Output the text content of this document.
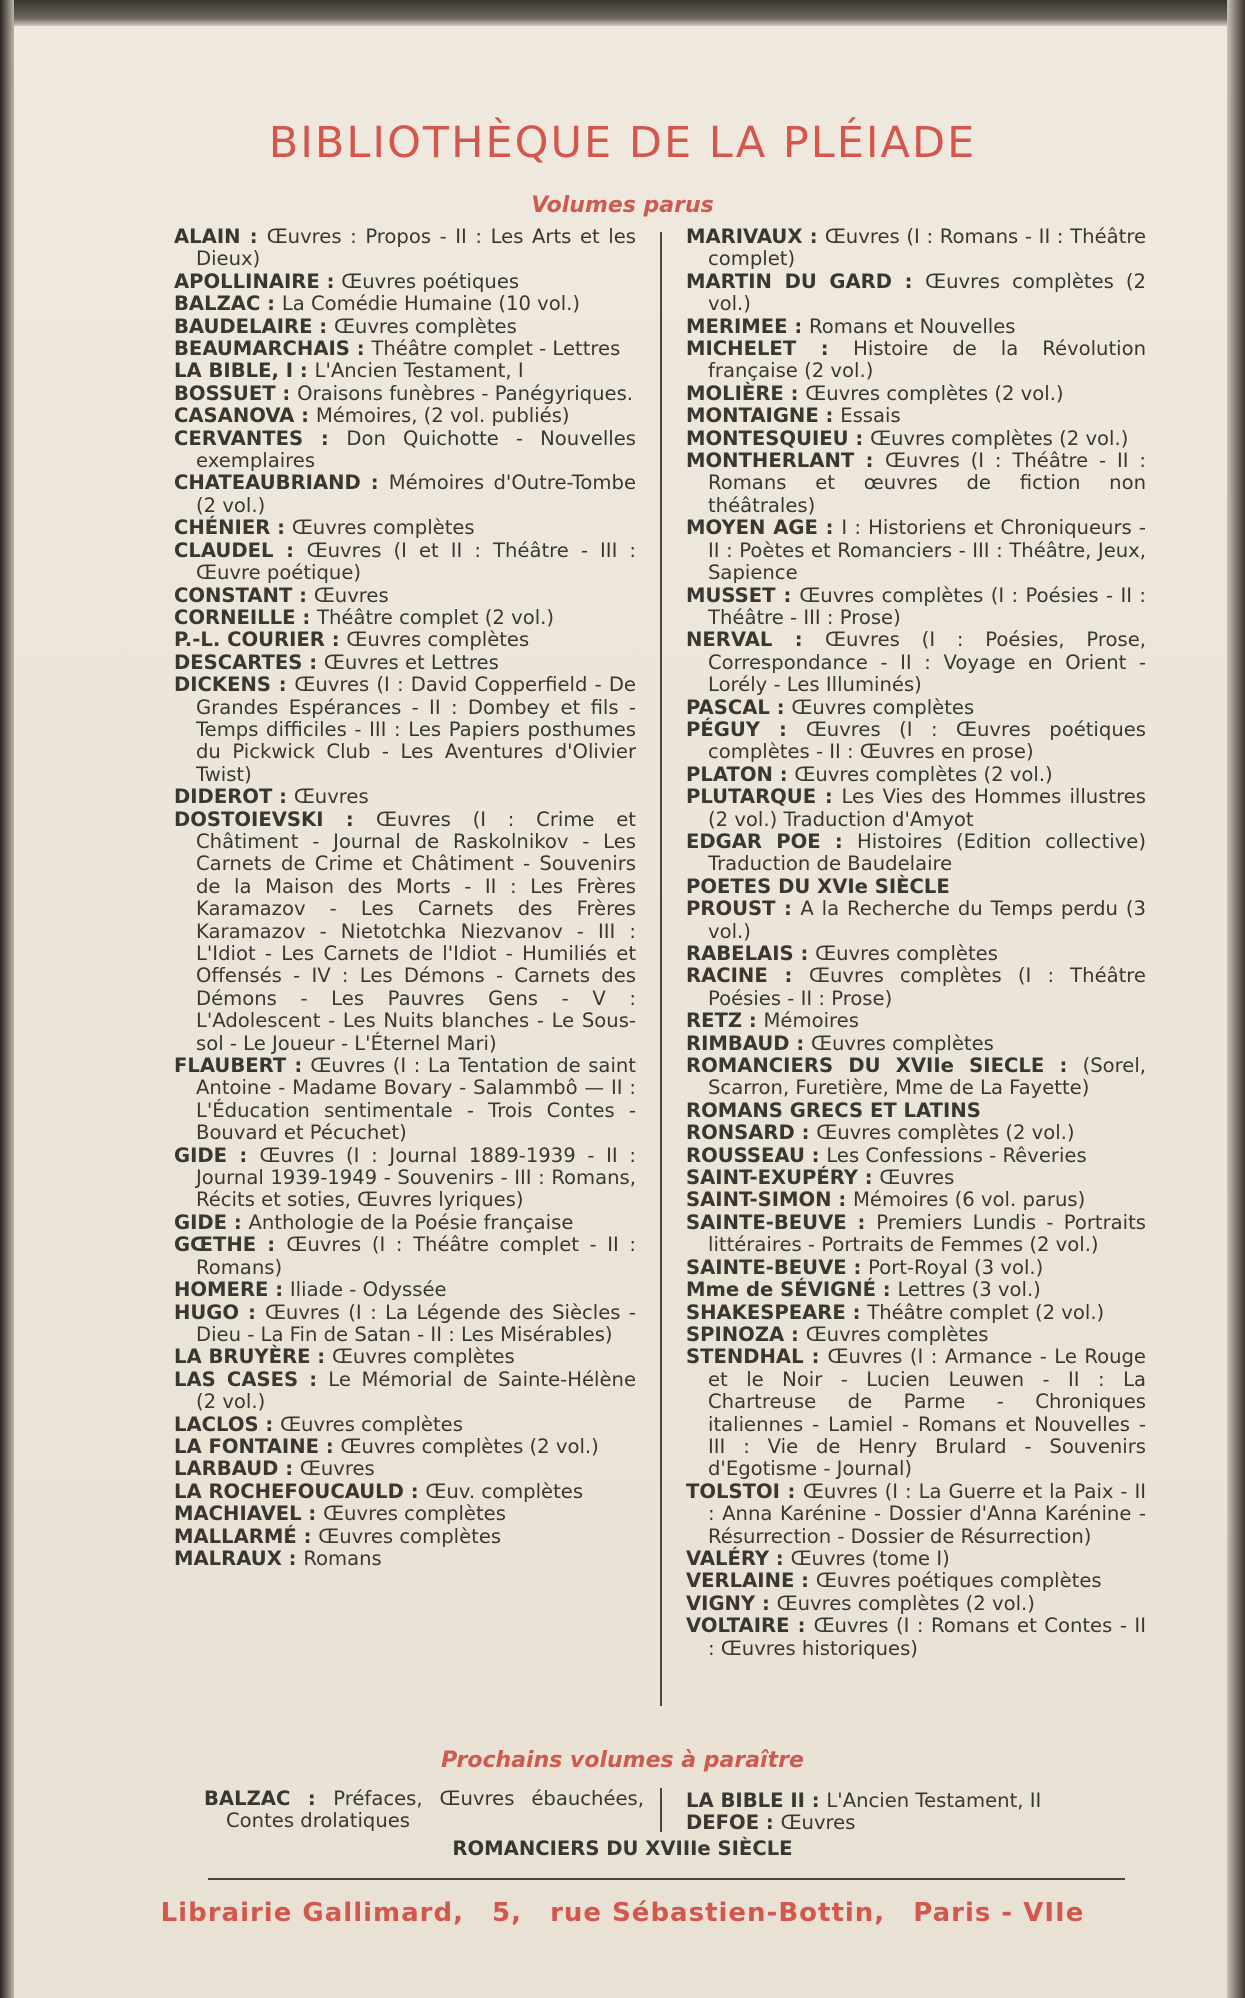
BIBLIOTHÈQUE DE LA PLÉIADE
Volumes parus

ALAIN : Œuvres : Propos - II : Les Arts et les Dieux)

APOLLINAIRE : Œuvres poétiques

BALZAC : La Comédie Humaine (10 vol.)

BAUDELAIRE : Œuvres complètes

BEAUMARCHAIS : Théâtre complet - Lettres

LA BIBLE, I : L'Ancien Testament, I

BOSSUET : Oraisons funèbres - Panégyriques.

CASANOVA : Mémoires, (2 vol. publiés)

CERVANTES : Don Quichotte - Nouvelles exemplaires

CHATEAUBRIAND : Mémoires d'Outre-Tombe (2 vol.)

CHÉNIER : Œuvres complètes

CLAUDEL : Œuvres (I et II : Théâtre - III : Œuvre poétique)

CONSTANT : Œuvres

CORNEILLE : Théâtre complet (2 vol.)

P.-L. COURIER : Œuvres complètes

DESCARTES : Œuvres et Lettres

DICKENS : Œuvres (I : David Copperfield - De Grandes Espérances - II : Dombey et fils - Temps difficiles - III : Les Papiers posthumes du Pickwick Club - Les Aventures d'Olivier Twist)

DIDEROT : Œuvres

DOSTOIEVSKI : Œuvres (I : Crime et Châtiment - Journal de Raskolnikov - Les Carnets de Crime et Châtiment - Souvenirs de la Maison des Morts - II : Les Frères Karamazov - Les Carnets des Frères Karamazov - Nietotchka Niezvanov - III : L'Idiot - Les Carnets de l'Idiot - Humiliés et Offensés - IV : Les Démons - Carnets des Démons - Les Pauvres Gens - V : L'Adolescent - Les Nuits blanches - Le Sous-sol - Le Joueur - L'Éternel Mari)

FLAUBERT : Œuvres (I : La Tentation de saint Antoine - Madame Bovary - Salammbô — II : L'Éducation sentimentale - Trois Contes - Bouvard et Pécuchet)

GIDE : Œuvres (I : Journal 1889-1939 - II : Journal 1939-1949 - Souvenirs - III : Romans, Récits et soties, Œuvres lyriques)

GIDE : Anthologie de la Poésie française

GŒTHE : Œuvres (I : Théâtre complet - II : Romans)

HOMERE : Iliade - Odyssée

HUGO : Œuvres (I : La Légende des Siècles - Dieu - La Fin de Satan - II : Les Misérables)

LA BRUYÈRE : Œuvres complètes

LAS CASES : Le Mémorial de Sainte-Hélène (2 vol.)

LACLOS : Œuvres complètes

LA FONTAINE : Œuvres complètes (2 vol.)

LARBAUD : Œuvres

LA ROCHEFOUCAULD : Œuv. complètes

MACHIAVEL : Œuvres complètes

MALLARMÉ : Œuvres complètes

MALRAUX : Romans

MARIVAUX : Œuvres (I : Romans - II : Théâtre complet)

MARTIN DU GARD : Œuvres complètes (2 vol.)

MERIMEE : Romans et Nouvelles

MICHELET : Histoire de la Révolution française (2 vol.)

MOLIÈRE : Œuvres complètes (2 vol.)

MONTAIGNE : Essais

MONTESQUIEU : Œuvres complètes (2 vol.)

MONTHERLANT : Œuvres (I : Théâtre - II : Romans et œuvres de fiction non théâtrales)

MOYEN AGE : I : Historiens et Chroniqueurs - II : Poètes et Romanciers - III : Théâtre, Jeux, Sapience

MUSSET : Œuvres complètes (I : Poésies - II : Théâtre - III : Prose)

NERVAL : Œuvres (I : Poésies, Prose, Correspondance - II : Voyage en Orient - Lorély - Les Illuminés)

PASCAL : Œuvres complètes

PÉGUY : Œuvres (I : Œuvres poétiques complètes - II : Œuvres en prose)

PLATON : Œuvres complètes (2 vol.)

PLUTARQUE : Les Vies des Hommes illustres (2 vol.) Traduction d'Amyot

EDGAR POE : Histoires (Edition collective) Traduction de Baudelaire

POETES DU XVIe SIÈCLE

PROUST : A la Recherche du Temps perdu (3 vol.)

RABELAIS : Œuvres complètes

RACINE : Œuvres complètes (I : Théâtre Poésies - II : Prose)

RETZ : Mémoires

RIMBAUD : Œuvres complètes

ROMANCIERS DU XVIIe SIECLE : (Sorel, Scarron, Furetière, Mme de La Fayette)

ROMANS GRECS ET LATINS

RONSARD : Œuvres complètes (2 vol.)

ROUSSEAU : Les Confessions - Rêveries

SAINT-EXUPÉRY : Œuvres

SAINT-SIMON : Mémoires (6 vol. parus)

SAINTE-BEUVE : Premiers Lundis - Portraits littéraires - Portraits de Femmes (2 vol.)

SAINTE-BEUVE : Port-Royal (3 vol.)

Mme de SÉVIGNÉ : Lettres (3 vol.)

SHAKESPEARE : Théâtre complet (2 vol.)

SPINOZA : Œuvres complètes

STENDHAL : Œuvres (I : Armance - Le Rouge et le Noir - Lucien Leuwen - II : La Chartreuse de Parme - Chroniques italiennes - Lamiel - Romans et Nouvelles - III : Vie de Henry Brulard - Souvenirs d'Egotisme - Journal)

TOLSTOI : Œuvres (I : La Guerre et la Paix - II : Anna Karénine - Dossier d'Anna Karénine - Résurrection - Dossier de Résurrection)

VALÉRY : Œuvres (tome I)

VERLAINE : Œuvres poétiques complètes

VIGNY : Œuvres complètes (2 vol.)

VOLTAIRE : Œuvres (I : Romans et Contes - II : Œuvres historiques)

Prochains volumes à paraître

BALZAC : Préfaces, Œuvres ébauchées, Contes drolatiques

LA BIBLE II : L'Ancien Testament, II

DEFOE : Œuvres

ROMANCIERS DU XVIIIe SIÈCLE
Librairie Gallimard, 5, rue Sébastien-Bottin, Paris - VIIe
